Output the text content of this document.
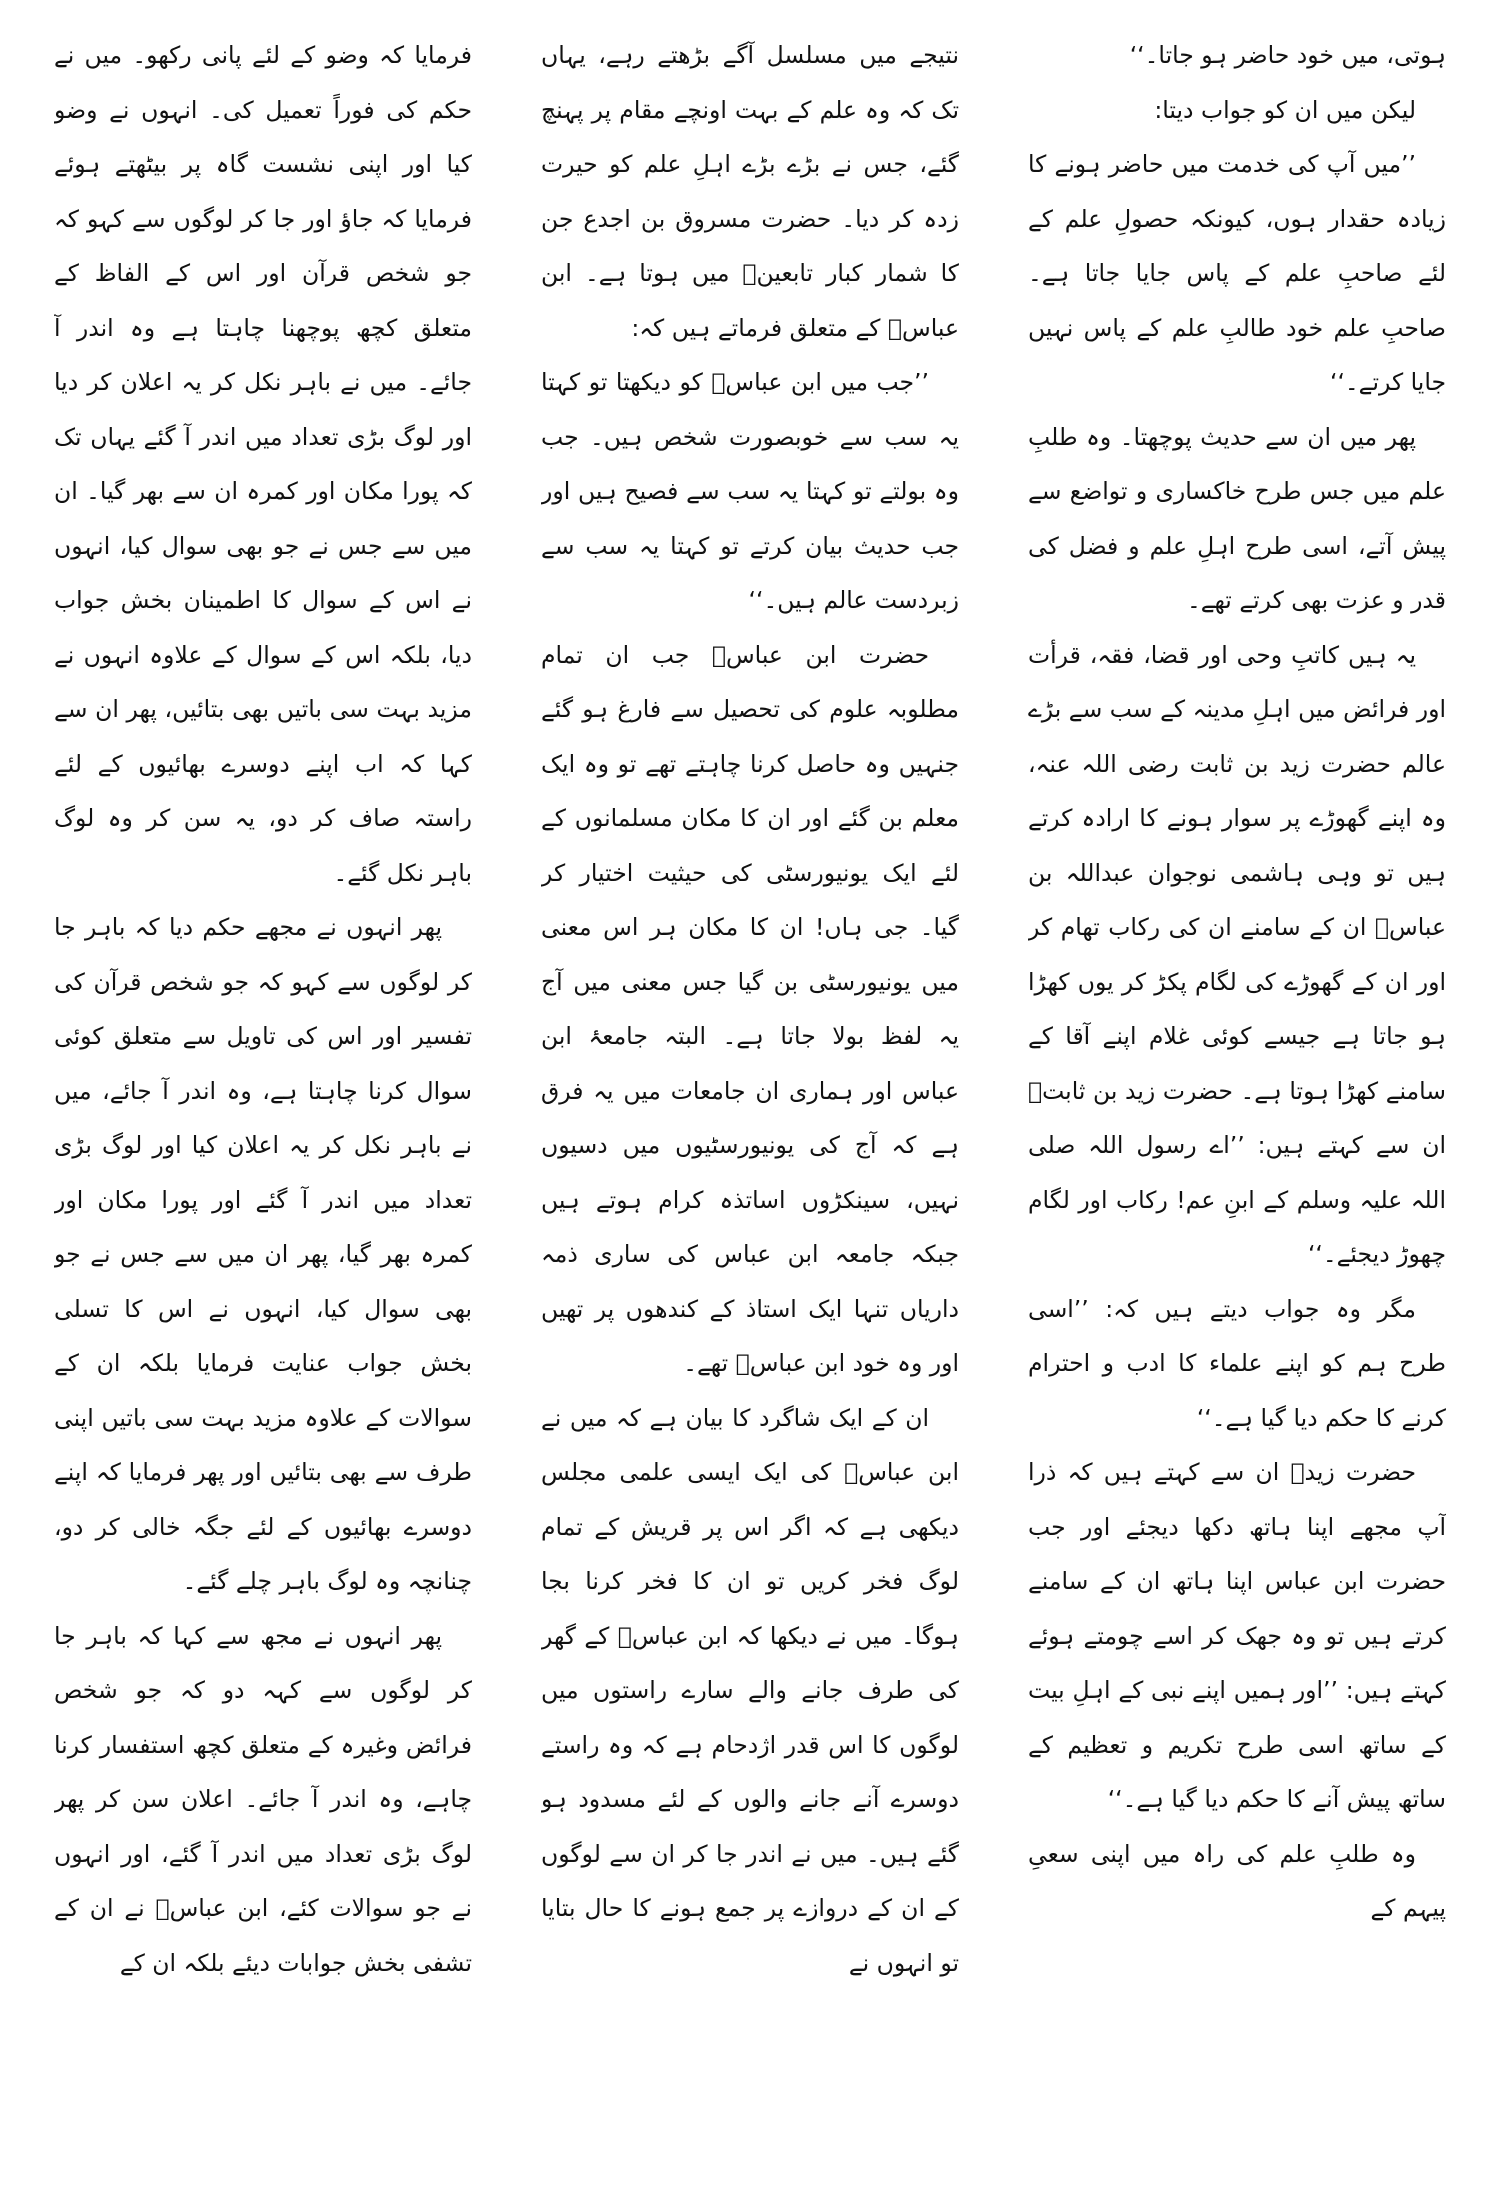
ہوتی، میں خود حاضر ہو جاتا۔‘‘

لیکن میں ان کو جواب دیتا:

’’میں آپ کی خدمت میں حاضر ہونے کا زیادہ حقدار ہوں، کیونکہ حصولِ علم کے لئے صاحبِ علم کے پاس جایا جاتا ہے۔ صاحبِ علم خود طالبِ علم کے پاس نہیں جایا کرتے۔‘‘

پھر میں ان سے حدیث پوچھتا۔ وہ طلبِ علم میں جس طرح خاکساری و تواضع سے پیش آتے، اسی طرح اہلِ علم و فضل کی قدر و عزت بھی کرتے تھے۔

یہ ہیں کاتبِ وحی اور قضا، فقہ، قرأت اور فرائض میں اہلِ مدینہ کے سب سے بڑے عالم حضرت زید بن ثابت رضی اللہ عنہ، وہ اپنے گھوڑے پر سوار ہونے کا ارادہ کرتے ہیں تو وہی ہاشمی نوجوان عبداللہ بن عباسؓ ان کے سامنے ان کی رکاب تھام کر اور ان کے گھوڑے کی لگام پکڑ کر یوں کھڑا ہو جاتا ہے جیسے کوئی غلام اپنے آقا کے سامنے کھڑا ہوتا ہے۔ حضرت زید بن ثابتؓ ان سے کہتے ہیں: ’’اے رسول اللہ صلی اللہ علیہ وسلم کے ابنِ عم! رکاب اور لگام چھوڑ دیجئے۔‘‘

مگر وہ جواب دیتے ہیں کہ: ’’اسی طرح ہم کو اپنے علماء کا ادب و احترام کرنے کا حکم دیا گیا ہے۔‘‘

حضرت زیدؓ ان سے کہتے ہیں کہ ذرا آپ مجھے اپنا ہاتھ دکھا دیجئے اور جب حضرت ابن عباس اپنا ہاتھ ان کے سامنے کرتے ہیں تو وہ جھک کر اسے چومتے ہوئے کہتے ہیں: ’’اور ہمیں اپنے نبی کے اہلِ بیت کے ساتھ اسی طرح تکریم و تعظیم کے ساتھ پیش آنے کا حکم دیا گیا ہے۔‘‘

وہ طلبِ علم کی راہ میں اپنی سعیِ پیہم کے

نتیجے میں مسلسل آگے بڑھتے رہے، یہاں تک کہ وہ علم کے بہت اونچے مقام پر پہنچ گئے، جس نے بڑے بڑے اہلِ علم کو حیرت زدہ کر دیا۔ حضرت مسروق بن اجدع جن کا شمار کبار تابعینؒ میں ہوتا ہے۔ ابن عباسؓ کے متعلق فرماتے ہیں کہ:

’’جب میں ابن عباسؓ کو دیکھتا تو کہتا یہ سب سے خوبصورت شخص ہیں۔ جب وہ بولتے تو کہتا یہ سب سے فصیح ہیں اور جب حدیث بیان کرتے تو کہتا یہ سب سے زبردست عالم ہیں۔‘‘

حضرت ابن عباسؓ جب ان تمام مطلوبہ علوم کی تحصیل سے فارغ ہو گئے جنہیں وہ حاصل کرنا چاہتے تھے تو وہ ایک معلم بن گئے اور ان کا مکان مسلمانوں کے لئے ایک یونیورسٹی کی حیثیت اختیار کر گیا۔ جی ہاں! ان کا مکان ہر اس معنی میں یونیورسٹی بن گیا جس معنی میں آج یہ لفظ بولا جاتا ہے۔ البتہ جامعۂ ابن عباس اور ہماری ان جامعات میں یہ فرق ہے کہ آج کی یونیورسٹیوں میں دسیوں نہیں، سینکڑوں اساتذہ کرام ہوتے ہیں جبکہ جامعہ ابن عباس کی ساری ذمہ داریاں تنہا ایک استاذ کے کندھوں پر تھیں اور وہ خود ابن عباسؓ تھے۔

ان کے ایک شاگرد کا بیان ہے کہ میں نے ابن عباسؓ کی ایک ایسی علمی مجلس دیکھی ہے کہ اگر اس پر قریش کے تمام لوگ فخر کریں تو ان کا فخر کرنا بجا ہوگا۔ میں نے دیکھا کہ ابن عباسؓ کے گھر کی طرف جانے والے سارے راستوں میں لوگوں کا اس قدر اژدحام ہے کہ وہ راستے دوسرے آنے جانے والوں کے لئے مسدود ہو گئے ہیں۔ میں نے اندر جا کر ان سے لوگوں کے ان کے دروازے پر جمع ہونے کا حال بتایا تو انہوں نے

فرمایا کہ وضو کے لئے پانی رکھو۔ میں نے حکم کی فوراً تعمیل کی۔ انہوں نے وضو کیا اور اپنی نشست گاہ پر بیٹھتے ہوئے فرمایا کہ جاؤ اور جا کر لوگوں سے کہو کہ جو شخص قرآن اور اس کے الفاظ کے متعلق کچھ پوچھنا چاہتا ہے وہ اندر آ جائے۔ میں نے باہر نکل کر یہ اعلان کر دیا اور لوگ بڑی تعداد میں اندر آ گئے یہاں تک کہ پورا مکان اور کمرہ ان سے بھر گیا۔ ان میں سے جس نے جو بھی سوال کیا، انہوں نے اس کے سوال کا اطمینان بخش جواب دیا، بلکہ اس کے سوال کے علاوہ انہوں نے مزید بہت سی باتیں بھی بتائیں، پھر ان سے کہا کہ اب اپنے دوسرے بھائیوں کے لئے راستہ صاف کر دو، یہ سن کر وہ لوگ باہر نکل گئے۔

پھر انہوں نے مجھے حکم دیا کہ باہر جا کر لوگوں سے کہو کہ جو شخص قرآن کی تفسیر اور اس کی تاویل سے متعلق کوئی سوال کرنا چاہتا ہے، وہ اندر آ جائے، میں نے باہر نکل کر یہ اعلان کیا اور لوگ بڑی تعداد میں اندر آ گئے اور پورا مکان اور کمرہ بھر گیا، پھر ان میں سے جس نے جو بھی سوال کیا، انہوں نے اس کا تسلی بخش جواب عنایت فرمایا بلکہ ان کے سوالات کے علاوہ مزید بہت سی باتیں اپنی طرف سے بھی بتائیں اور پھر فرمایا کہ اپنے دوسرے بھائیوں کے لئے جگہ خالی کر دو، چنانچہ وہ لوگ باہر چلے گئے۔

پھر انہوں نے مجھ سے کہا کہ باہر جا کر لوگوں سے کہہ دو کہ جو شخص فرائض وغیرہ کے متعلق کچھ استفسار کرنا چاہے، وہ اندر آ جائے۔ اعلان سن کر پھر لوگ بڑی تعداد میں اندر آ گئے، اور انہوں نے جو سوالات کئے، ابن عباسؓ نے ان کے تشفی بخش جوابات دیئے بلکہ ان کے
